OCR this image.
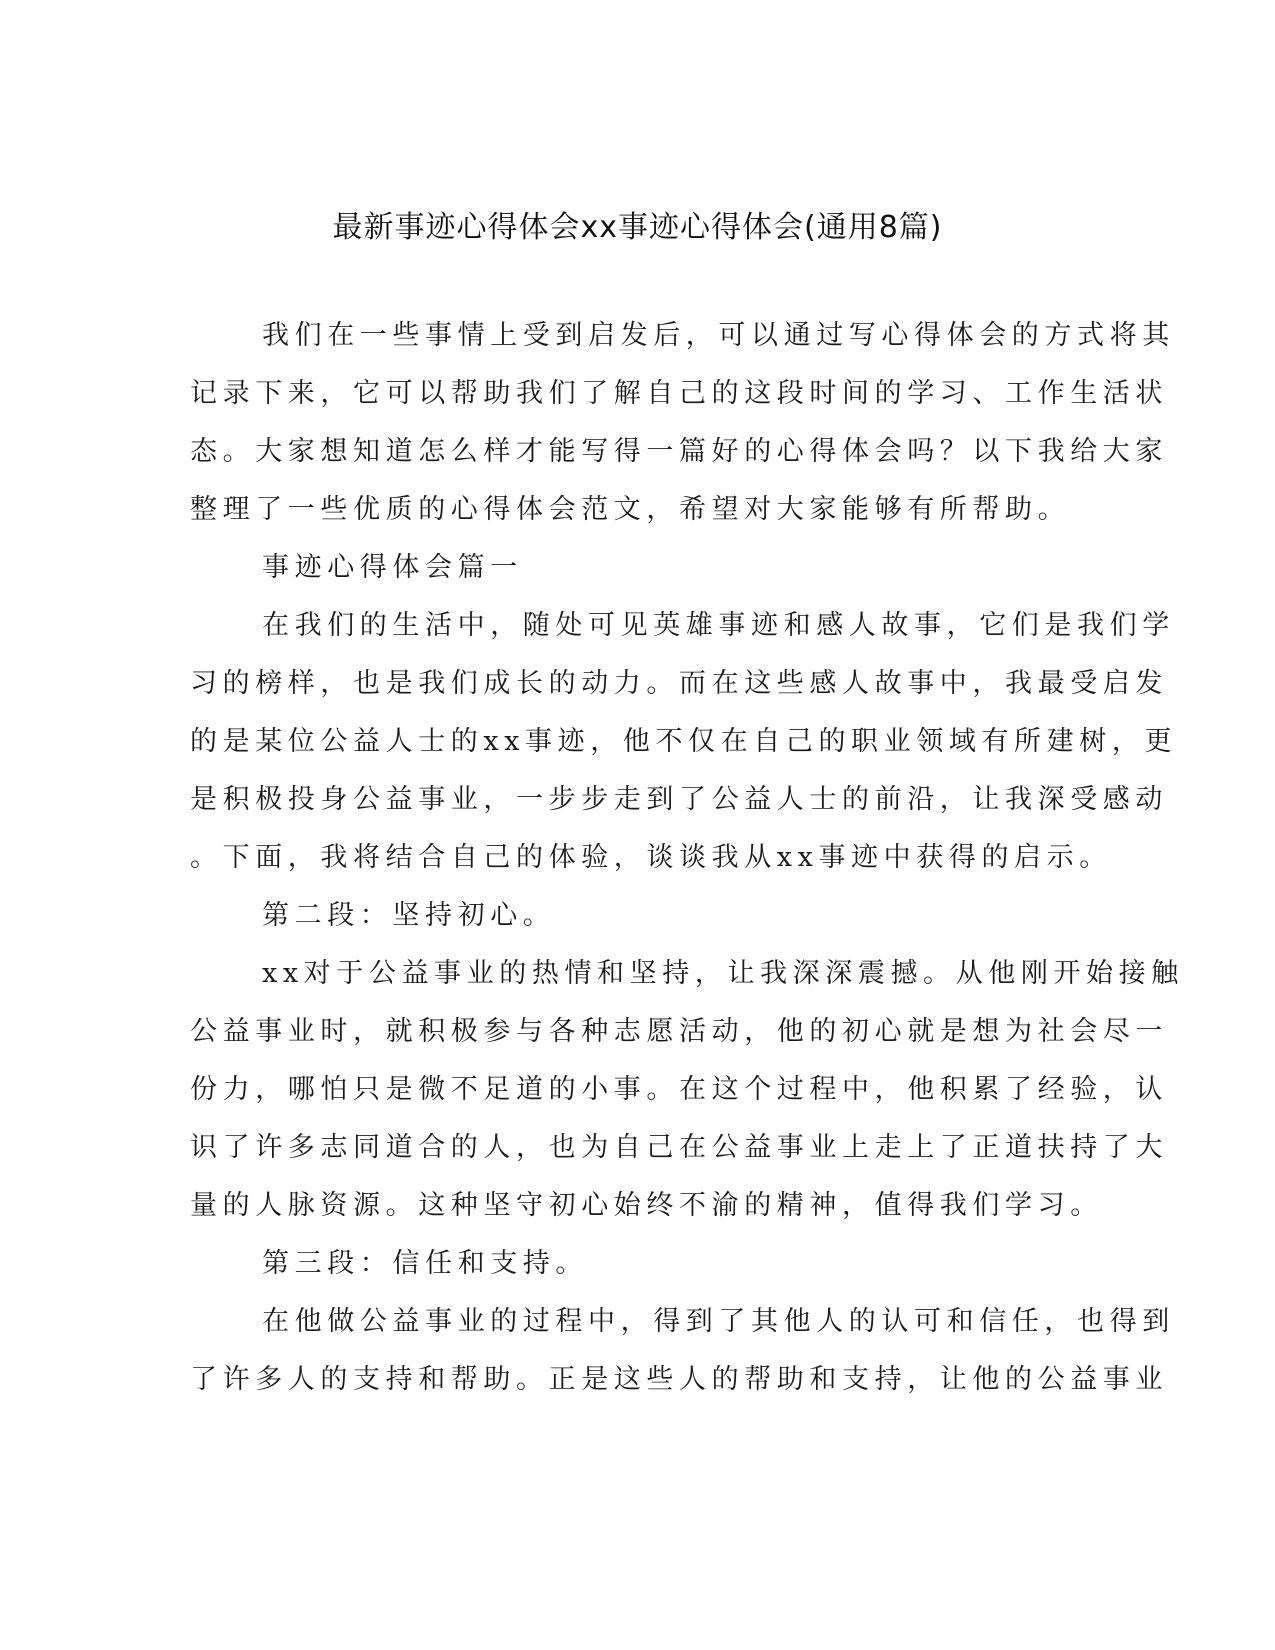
最新事迹心得体会xx事迹心得体会(通用8篇)
我们在一些事情上受到启发后，可以通过写心得体会的方式将其
记录下来，它可以帮助我们了解自己的这段时间的学习、工作生活状
态。大家想知道怎么样才能写得一篇好的心得体会吗？以下我给大家
整理了一些优质的心得体会范文，希望对大家能够有所帮助。
事迹心得体会篇一
在我们的生活中，随处可见英雄事迹和感人故事，它们是我们学
习的榜样，也是我们成长的动力。而在这些感人故事中，我最受启发
的是某位公益人士的xx事迹，他不仅在自己的职业领域有所建树，更
是积极投身公益事业，一步步走到了公益人士的前沿，让我深受感动
。下面，我将结合自己的体验，谈谈我从xx事迹中获得的启示。
第二段：坚持初心。
xx对于公益事业的热情和坚持，让我深深震撼。从他刚开始接触
公益事业时，就积极参与各种志愿活动，他的初心就是想为社会尽一
份力，哪怕只是微不足道的小事。在这个过程中，他积累了经验，认
识了许多志同道合的人，也为自己在公益事业上走上了正道扶持了大
量的人脉资源。这种坚守初心始终不渝的精神，值得我们学习。
第三段：信任和支持。
在他做公益事业的过程中，得到了其他人的认可和信任，也得到
了许多人的支持和帮助。正是这些人的帮助和支持，让他的公益事业
